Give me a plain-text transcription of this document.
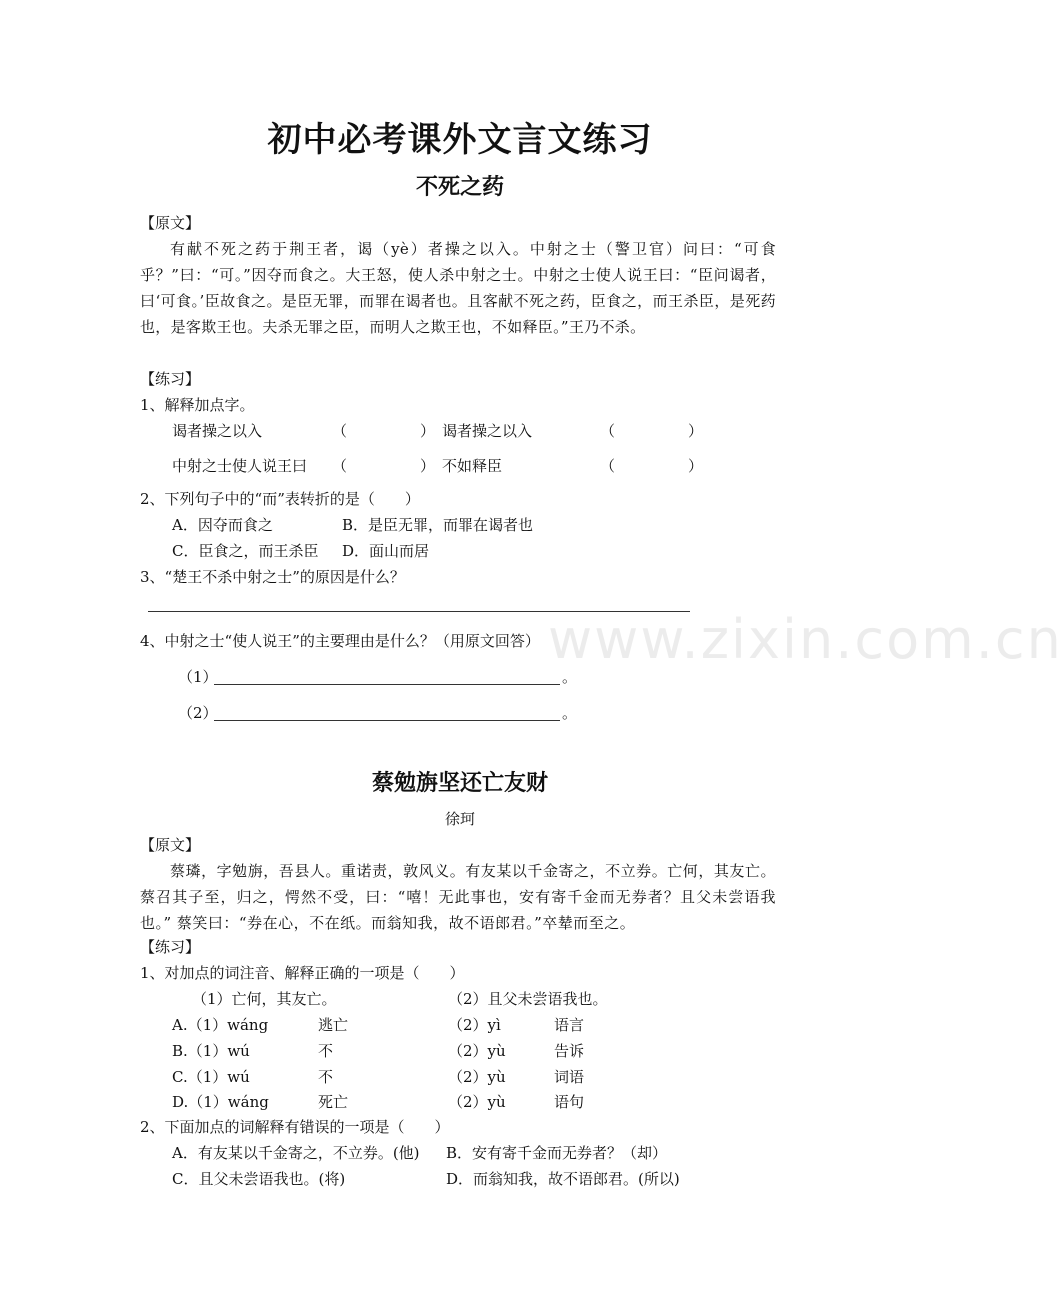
www.zixin.com.cn
初中必考课外文言文练习
不死之药
【原文】
有献不死之药于荆王者，谒（yè）者操之以入。中射之士（警卫官）问曰：“可食乎？”曰：“可。”因夺而食之。大王怒，使人杀中射之士。中射之士使人说王曰：“臣问谒者，曰‘可食。’臣故食之。是臣无罪，而罪在谒者也。且客献不死之药，臣食之，而王杀臣，是死药也，是客欺王也。夫杀无罪之臣，而明人之欺王也，不如释臣。”王乃不杀。
【练习】
1、解释加点字。
谒者操之以入	（	） 谒者操之以入	（	）
中射之士使人说王曰 （	） 不如释臣	（	）
2、下列句子中的“而”表转折的是（　　）
A．因夺而食之	B．是臣无罪，而罪在谒者也
C．臣食之，而王杀臣 D．面山而居
3、“楚王不杀中射之士”的原因是什么？
4、中射之士“使人说王”的主要理由是什么？（用原文回答）
（1）	。
（2）	。
蔡勉旃坚还亡友财
徐珂
【原文】
蔡璘，字勉旃，吾县人。重诺责，敦风义。有友某以千金寄之，不立券。亡何，其友亡。蔡召其子至，归之，愕然不受，曰：“嘻！无此事也，安有寄千金而无券者？且父未尝语我也。” 蔡笑曰：“券在心，不在纸。而翁知我，故不语郎君。”卒辇而至之。
【练习】
1、对加点的词注音、解释正确的一项是（　　）
（1）亡何，其友亡。	（2）且父未尝语我也。
A.（1）wáng	逃亡	（2）yì	语言
B.（1）wú	不	（2）yù	告诉
C.（1）wú	不	（2）yù	词语
D.（1）wáng	死亡	（2）yù	语句
2、下面加点的词解释有错误的一项是（　　）
A．有友某以千金寄之，不立券。(他) B．安有寄千金而无券者？（却）
C．且父未尝语我也。(将)	D．而翁知我，故不语郎君。(所以)
